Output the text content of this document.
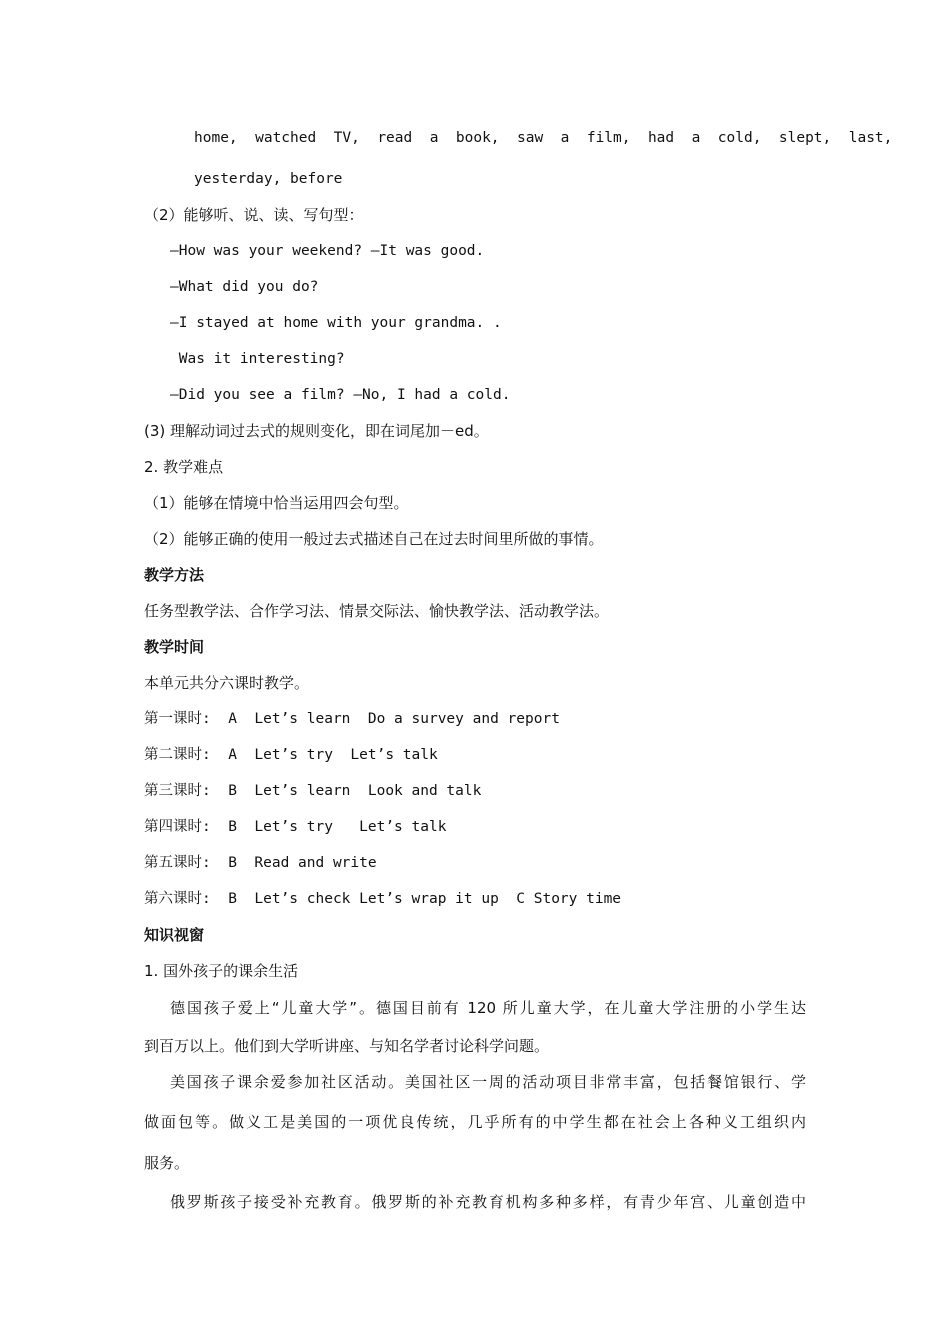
home,  watched  TV,  read  a  book,  saw  a  film,  had  a  cold,  slept,  last,
yesterday, before
（2）能够听、说、读、写句型：
—How was your weekend? —It was good.
—What did you do?
—I stayed at home with your grandma. .
Was it interesting?
—Did you see a film? —No, I had a cold.
(3) 理解动词过去式的规则变化，即在词尾加－ed。
2. 教学难点
（1）能够在情境中恰当运用四会句型。
（2）能够正确的使用一般过去式描述自己在过去时间里所做的事情。
教学方法
任务型教学法、合作学习法、情景交际法、愉快教学法、活动教学法。
教学时间
本单元共分六课时教学。
第一课时:  A  Let’s learn  Do a survey and report
第二课时:  A  Let’s try  Let’s talk
第三课时:  B  Let’s learn  Look and talk
第四课时:  B  Let’s try   Let’s talk
第五课时:  B  Read and write
第六课时:  B  Let’s check Let’s wrap it up  C Story time
知识视窗
1. 国外孩子的课余生活
德国孩子爱上“儿童大学”。德国目前有 120 所儿童大学，在儿童大学注册的小学生达
到百万以上。他们到大学听讲座、与知名学者讨论科学问题。
美国孩子课余爱参加社区活动。美国社区一周的活动项目非常丰富，包括餐馆银行、学
做面包等。做义工是美国的一项优良传统，几乎所有的中学生都在社会上各种义工组织内
服务。
俄罗斯孩子接受补充教育。俄罗斯的补充教育机构多种多样，有青少年宫、儿童创造中
